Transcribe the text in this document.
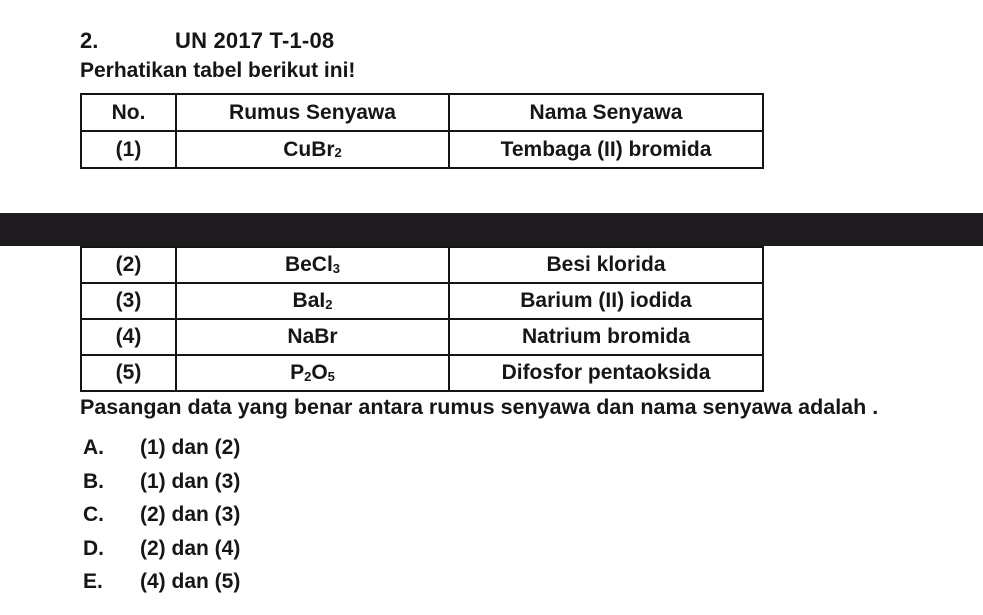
2.	UN 2017 T-1-08
Perhatikan tabel berikut ini!
No.	Rumus Senyawa	Nama Senyawa
(1)	CuBr$_2$	Tembaga (II) bromida
(2)	BeCl$_3$	Besi klorida
(3)	BaI$_2$	Barium (II) iodida
(4)	NaBr	Natrium bromida
(5)	$P_2$ $O_5$	Difosfor pentaoksida
Pasangan data yang benar antara rumus senyawa dan nama senyawa adalah .
A.	(1) dan (2)
B.	(1) dan (3)
C.	(2) dan (3)
D.	(2) dan (4)
E.	(4) dan (5)
